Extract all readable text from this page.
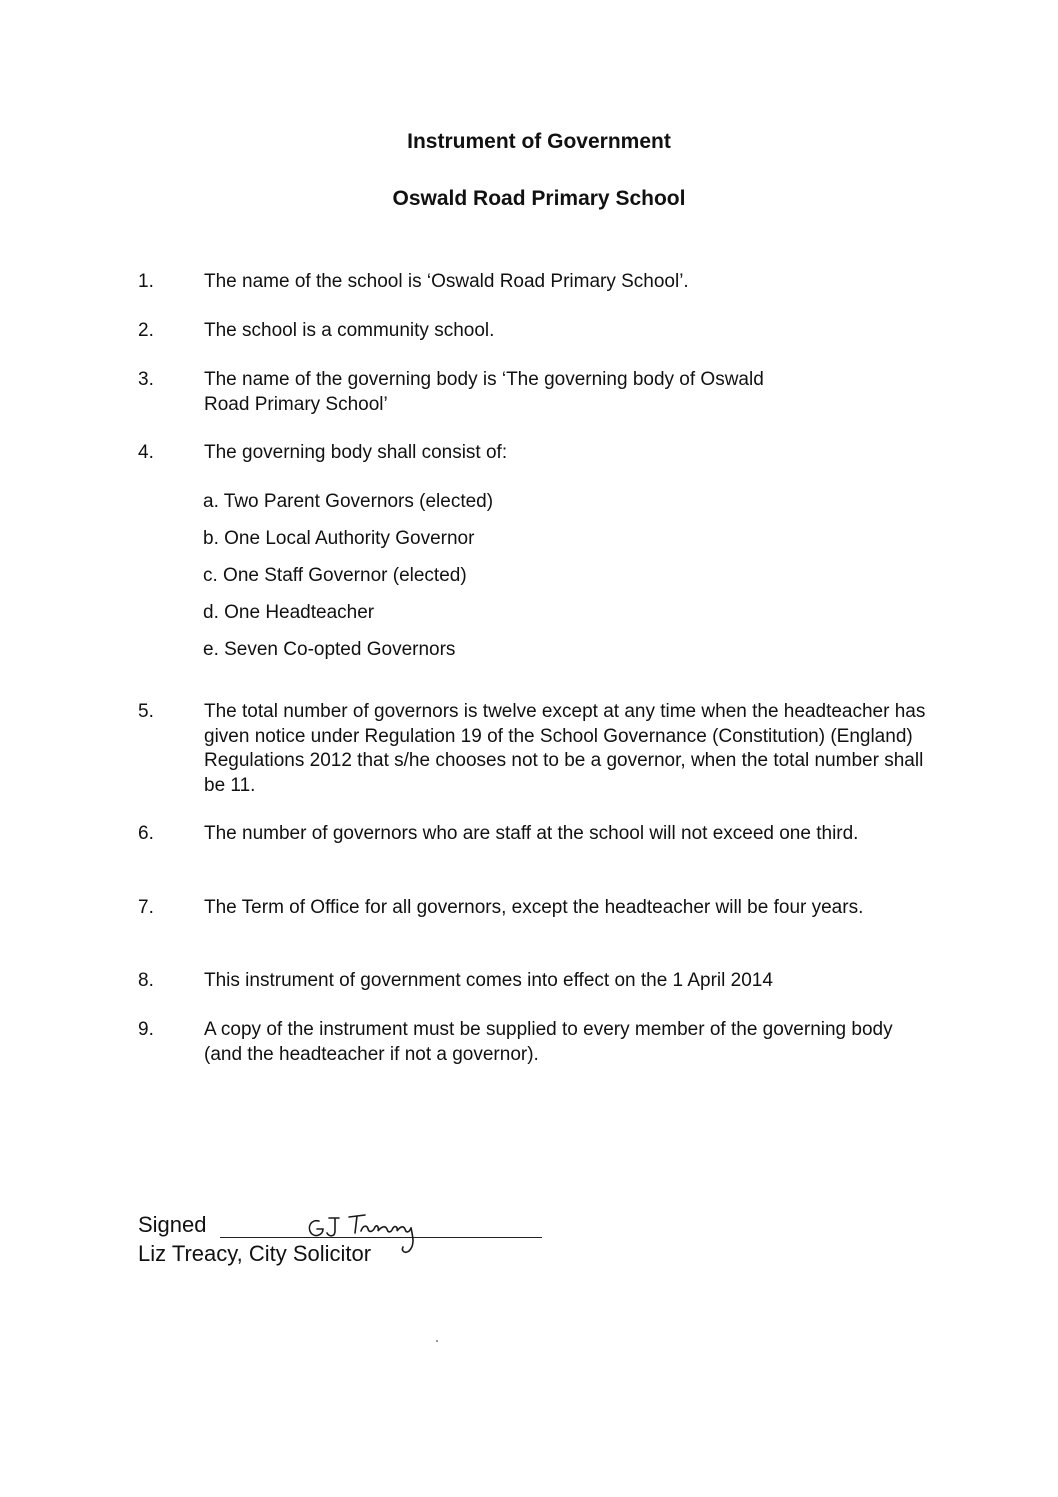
Instrument of Government
Oswald Road Primary School
1.	The name of the school is ‘Oswald Road Primary School’.
2.	The school is a community school.
3.	The name of the governing body is ‘The governing body of Oswald Road Primary School’
4.	The governing body shall consist of:
a. Two Parent Governors (elected)
b. One Local Authority Governor
c. One Staff Governor (elected)
d. One Headteacher
e. Seven Co-opted Governors
5.	The total number of governors is twelve except at any time when the headteacher has given notice under Regulation 19 of the School Governance (Constitution) (England) Regulations 2012 that s/he chooses not to be a governor, when the total number shall be 11.
6.	The number of governors who are staff at the school will not exceed one third.
7.	The Term of Office for all governors, except the headteacher will be four years.
8.	This instrument of government comes into effect on the 1 April 2014
9.	A copy of the instrument must be supplied to every member of the governing body (and the headteacher if not a governor).
Signed
Liz Treacy, City Solicitor
